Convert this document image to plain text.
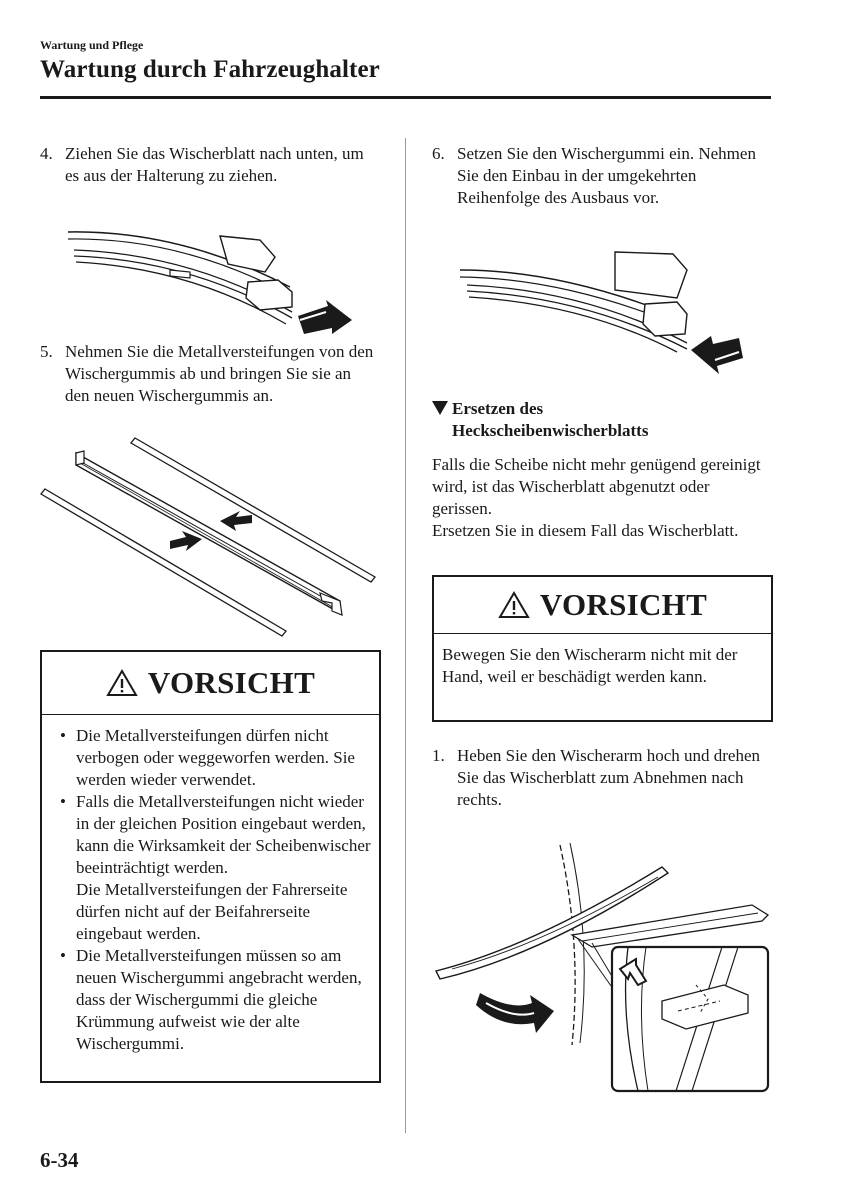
Wartung und Pflege
Wartung durch Fahrzeughalter
4. Ziehen Sie das Wischerblatt nach unten, um es aus der Halterung zu ziehen.
5. Nehmen Sie die Metallversteifungen von den Wischergummis ab und bringen Sie sie an den neuen Wischergummis an.
VORSICHT
• Die Metallversteifungen dürfen nicht verbogen oder weggeworfen werden. Sie werden wieder verwendet.
• Falls die Metallversteifungen nicht wieder in der gleichen Position eingebaut werden, kann die Wirksamkeit der Scheibenwischer beeinträchtigt werden.
Die Metallversteifungen der Fahrerseite dürfen nicht auf der Beifahrerseite eingebaut werden.
• Die Metallversteifungen müssen so am neuen Wischergummi angebracht werden, dass der Wischergummi die gleiche Krümmung aufweist wie der alte Wischergummi.
6. Setzen Sie den Wischergummi ein. Nehmen Sie den Einbau in der umgekehrten Reihenfolge des Ausbaus vor.
Ersetzen des
Heckscheibenwischerblatts
Falls die Scheibe nicht mehr genügend gereinigt wird, ist das Wischerblatt abgenutzt oder gerissen.
Ersetzen Sie in diesem Fall das Wischerblatt.
VORSICHT
Bewegen Sie den Wischerarm nicht mit der Hand, weil er beschädigt werden kann.
1. Heben Sie den Wischerarm hoch und drehen Sie das Wischerblatt zum Abnehmen nach rechts.
6-34
